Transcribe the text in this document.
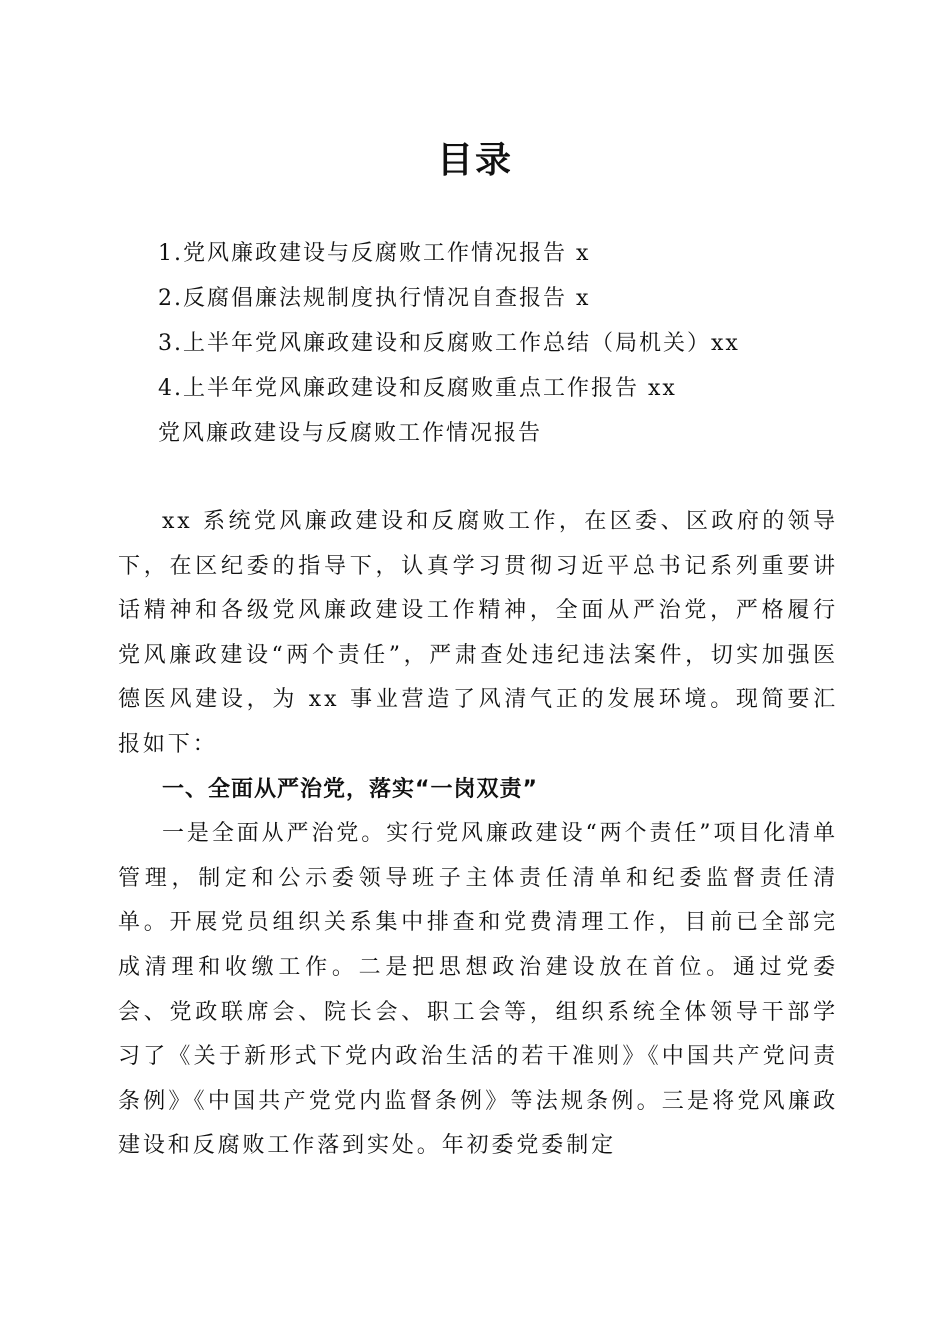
目录
1.党风廉政建设与反腐败工作情况报告 x
2.反腐倡廉法规制度执行情况自查报告 x
3.上半年党风廉政建设和反腐败工作总结（局机关）xx
4.上半年党风廉政建设和反腐败重点工作报告 xx
党风廉政建设与反腐败工作情况报告

xx 系统党风廉政建设和反腐败工作，在区委、区政府的领导下，在区纪委的指导下，认真学习贯彻习近平总书记系列重要讲话精神和各级党风廉政建设工作精神，全面从严治党，严格履行党风廉政建设“两个责任”，严肃查处违纪违法案件，切实加强医德医风建设，为 xx 事业营造了风清气正的发展环境。现简要汇报如下：

一、全面从严治党，落实“一岗双责”

一是全面从严治党。实行党风廉政建设“两个责任”项目化清单管理，制定和公示委领导班子主体责任清单和纪委监督责任清单。开展党员组织关系集中排查和党费清理工作，目前已全部完成清理和收缴工作。二是把思想政治建设放在首位。通过党委会、党政联席会、院长会、职工会等，组织系统全体领导干部学习了《关于新形式下党内政治生活的若干准则》《中国共产党问责条例》《中国共产党党内监督条例》等法规条例。三是将党风廉政建设和反腐败工作落到实处。年初委党委制定
